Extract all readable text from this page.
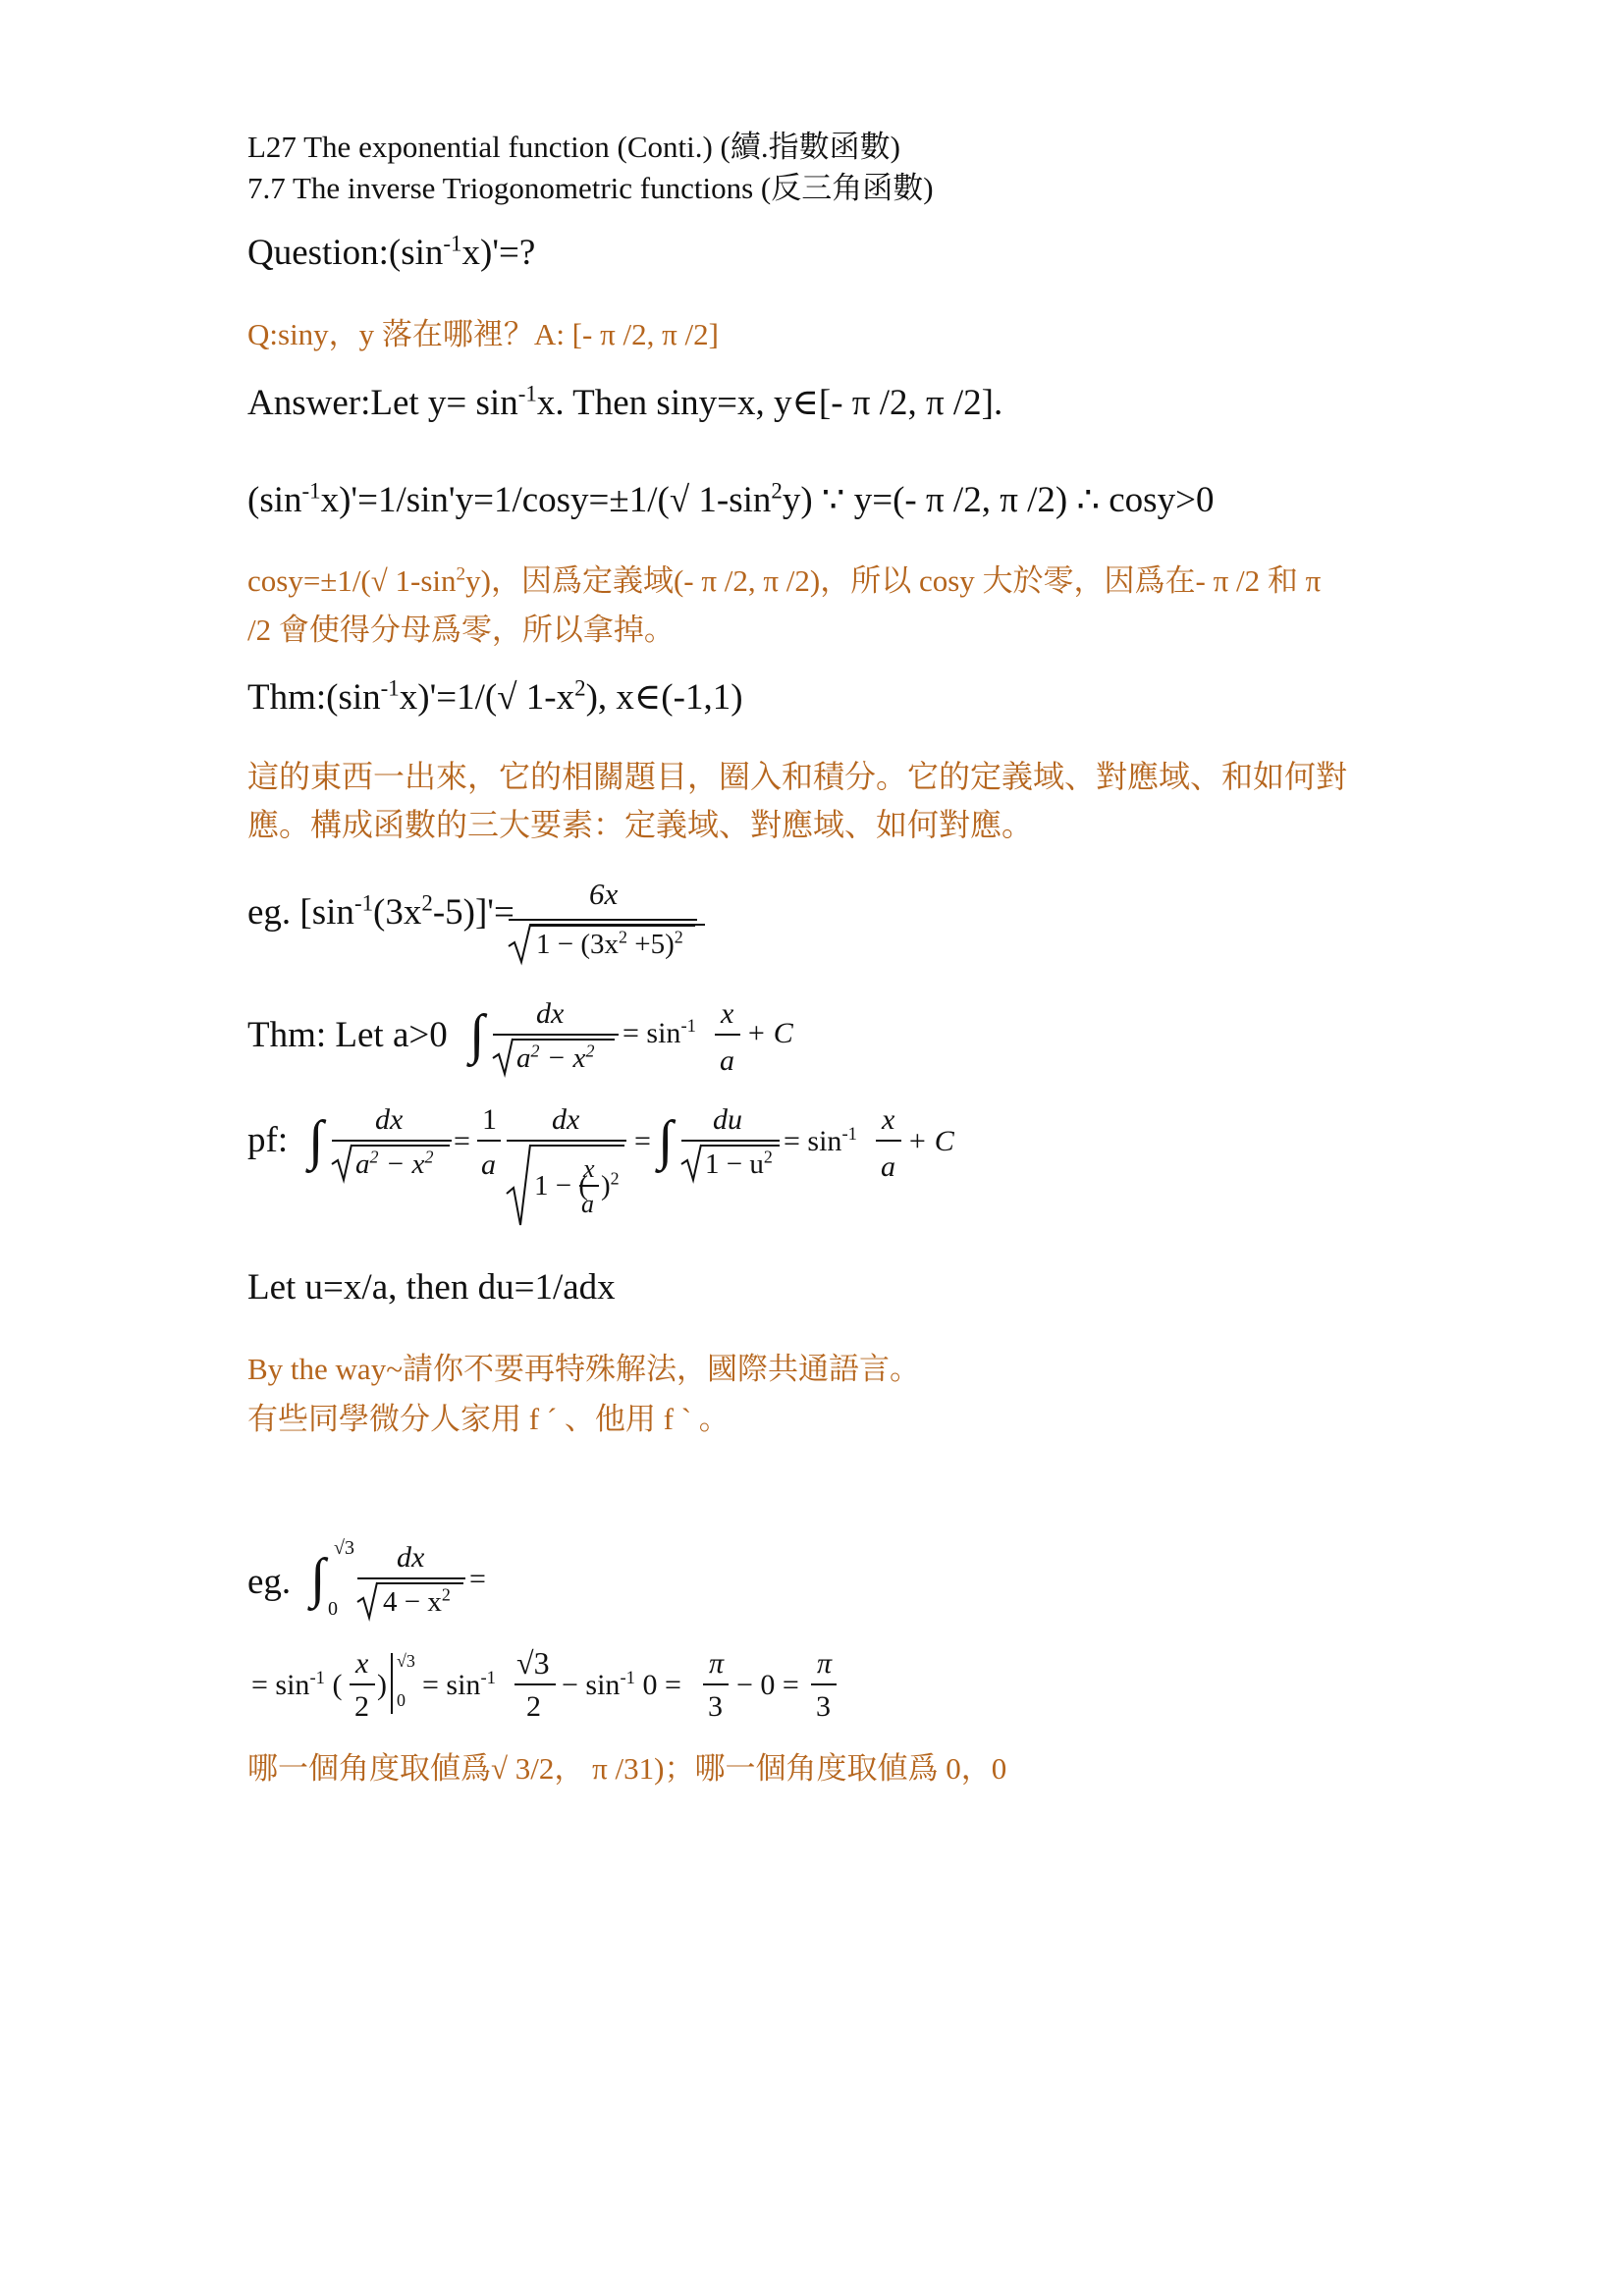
L27 The exponential function (Conti.) (續.指數函數)
7.7 The inverse Triogonometric functions (反三角函數)
$Question:(\sin^{-1}x)'=$?
Q:siny，y 落在哪裡？A: [- π /2, π /2]
Answer:Let $y= \sin^{-1}x$. Then siny=x, y∈[- π /2, π /2].
$(\sin^{-1}x)'=1/\sin'y=1/\cos y=\pm 1/(√$ $1-\sin^2y$) ∵ y=(- π /2, π /2) ∴ cosy>0
cosy=±1/(√ $1-\sin^2y$)，因爲定義域(- π /2, π /2)，所以 cosy 大於零，因爲在- π /2 和 π
/2 會使得分母爲零，所以拿掉。
$Thm:(\sin^{-1}x)'=1/(√$ $1-x^2$), x∈(-1,1)
這的東西一出來，它的相關題目，圈入和積分。它的定義域、對應域、和如何對
應。構成函數的三大要素：定義域、對應域、如何對應。
eg. $[\sin^{-1}(3x^2-5)]'= 6x$
$1 - (3x^2 +5)^2$
Thm: Let a>0 ∫ dx
$a^2 - x^2$
= $\sin^{-1} x$
a
+ C
pf: ∫ dx
$a^2 - x^2$ =
1
a
dx
1 − (
x
a
)$^2$
= ∫ du
$1 - u^2 = \sin^{-1} x$
a
+ C
Let u=x/a, then du=1/adx
By the way~請你不要再特殊解法，國際共通語言。
有些同學微分人家用 f ´ 、他用 f ` 。
eg. ∫ √3
0
dx
$4 - x^2$ =
= $\sin^{-1}$ (
x
2
)
√3
$0 = \sin^{-1} √3$
2
− $\sin^{-1} 0$ =
π
3
− 0 =
π
3
哪一個角度取値爲√ 3/2， π /31)；哪一個角度取値爲 0，0
